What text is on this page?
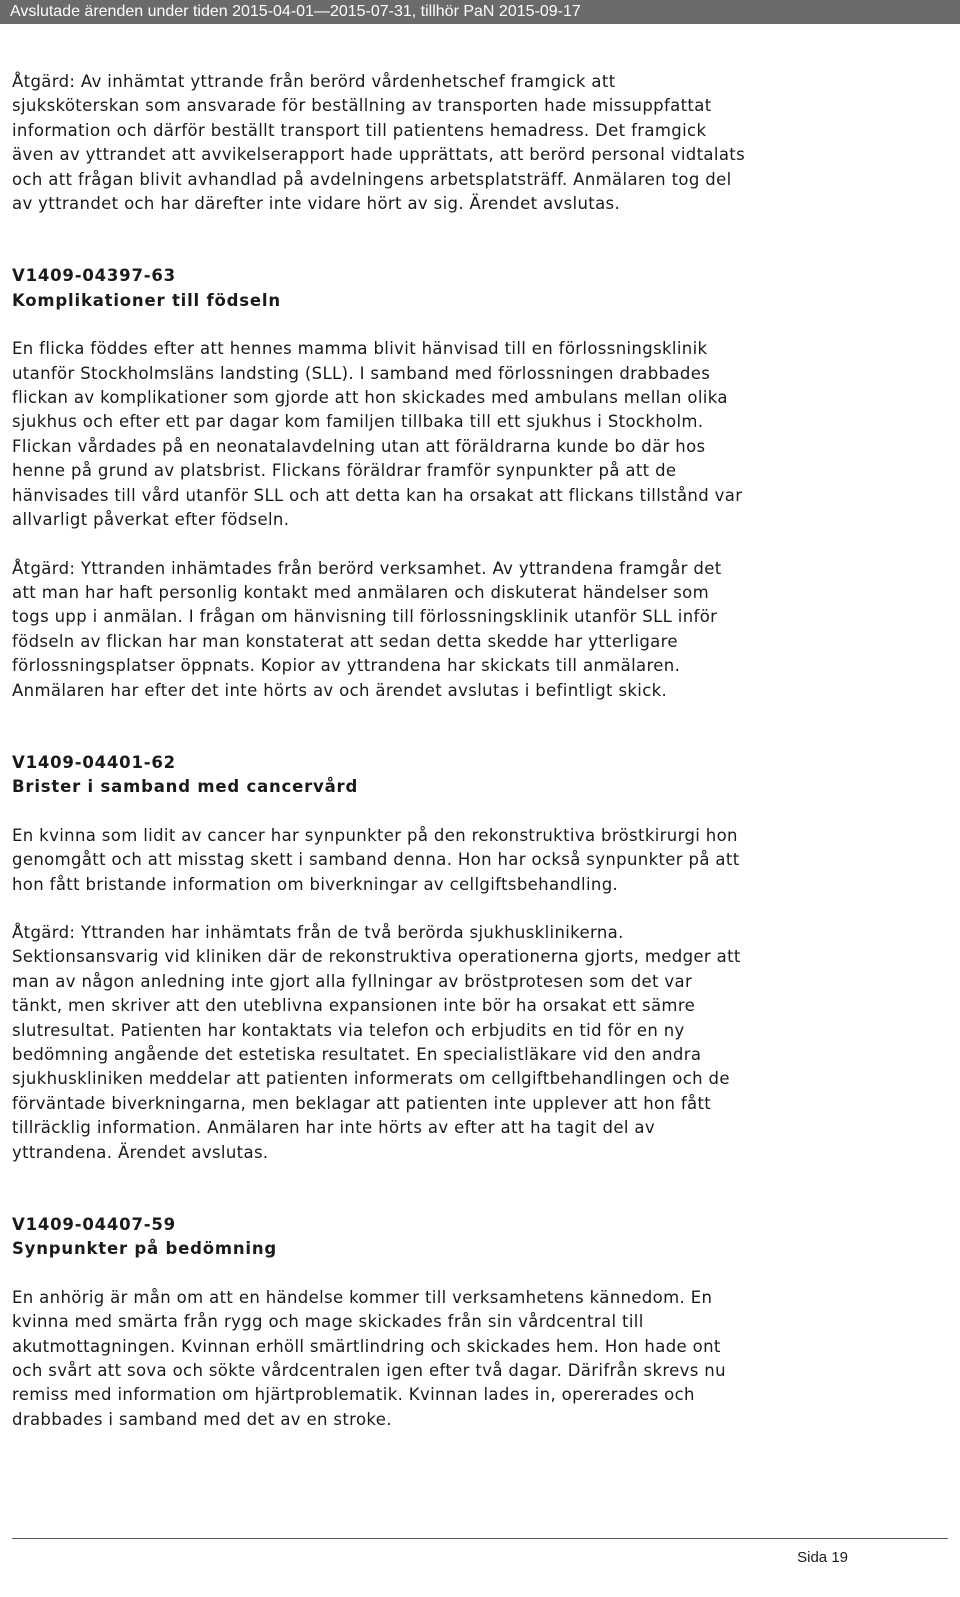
Avslutade ärenden under tiden 2015-04-01—2015-07-31, tillhör PaN 2015-09-17

Åtgärd: Av inhämtat yttrande från berörd vårdenhetschef framgick att
sjuksköterskan som ansvarade för beställning av transporten hade missuppfattat
information och därför beställt transport till patientens hemadress. Det framgick
även av yttrandet att avvikelserapport hade upprättats, att berörd personal vidtalats
och att frågan blivit avhandlad på avdelningens arbetsplatsträff. Anmälaren tog del
av yttrandet och har därefter inte vidare hört av sig. Ärendet avslutas.

V1409-04397-63

Komplikationer till födseln

En flicka föddes efter att hennes mamma blivit hänvisad till en förlossningsklinik
utanför Stockholmsläns landsting (SLL). I samband med förlossningen drabbades
flickan av komplikationer som gjorde att hon skickades med ambulans mellan olika
sjukhus och efter ett par dagar kom familjen tillbaka till ett sjukhus i Stockholm.
Flickan vårdades på en neonatalavdelning utan att föräldrarna kunde bo där hos
henne på grund av platsbrist. Flickans föräldrar framför synpunkter på att de
hänvisades till vård utanför SLL och att detta kan ha orsakat att flickans tillstånd var
allvarligt påverkat efter födseln.

Åtgärd: Yttranden inhämtades från berörd verksamhet. Av yttrandena framgår det
att man har haft personlig kontakt med anmälaren och diskuterat händelser som
togs upp i anmälan. I frågan om hänvisning till förlossningsklinik utanför SLL inför
födseln av flickan har man konstaterat att sedan detta skedde har ytterligare
förlossningsplatser öppnats. Kopior av yttrandena har skickats till anmälaren.
Anmälaren har efter det inte hörts av och ärendet avslutas i befintligt skick.

V1409-04401-62

Brister i samband med cancervård

En kvinna som lidit av cancer har synpunkter på den rekonstruktiva bröstkirurgi hon
genomgått och att misstag skett i samband denna. Hon har också synpunkter på att
hon fått bristande information om biverkningar av cellgiftsbehandling.

Åtgärd: Yttranden har inhämtats från de två berörda sjukhusklinikerna.
Sektionsansvarig vid kliniken där de rekonstruktiva operationerna gjorts, medger att
man av någon anledning inte gjort alla fyllningar av bröstprotesen som det var
tänkt, men skriver att den uteblivna expansionen inte bör ha orsakat ett sämre
slutresultat. Patienten har kontaktats via telefon och erbjudits en tid för en ny
bedömning angående det estetiska resultatet. En specialistläkare vid den andra
sjukhuskliniken meddelar att patienten informerats om cellgiftbehandlingen och de
förväntade biverkningarna, men beklagar att patienten inte upplever att hon fått
tillräcklig information. Anmälaren har inte hörts av efter att ha tagit del av
yttrandena. Ärendet avslutas.

V1409-04407-59

Synpunkter på bedömning

En anhörig är mån om att en händelse kommer till verksamhetens kännedom. En
kvinna med smärta från rygg och mage skickades från sin vårdcentral till
akutmottagningen. Kvinnan erhöll smärtlindring och skickades hem. Hon hade ont
och svårt att sova och sökte vårdcentralen igen efter två dagar. Därifrån skrevs nu
remiss med information om hjärtproblematik. Kvinnan lades in, opererades och
drabbades i samband med det av en stroke.

Sida 19
